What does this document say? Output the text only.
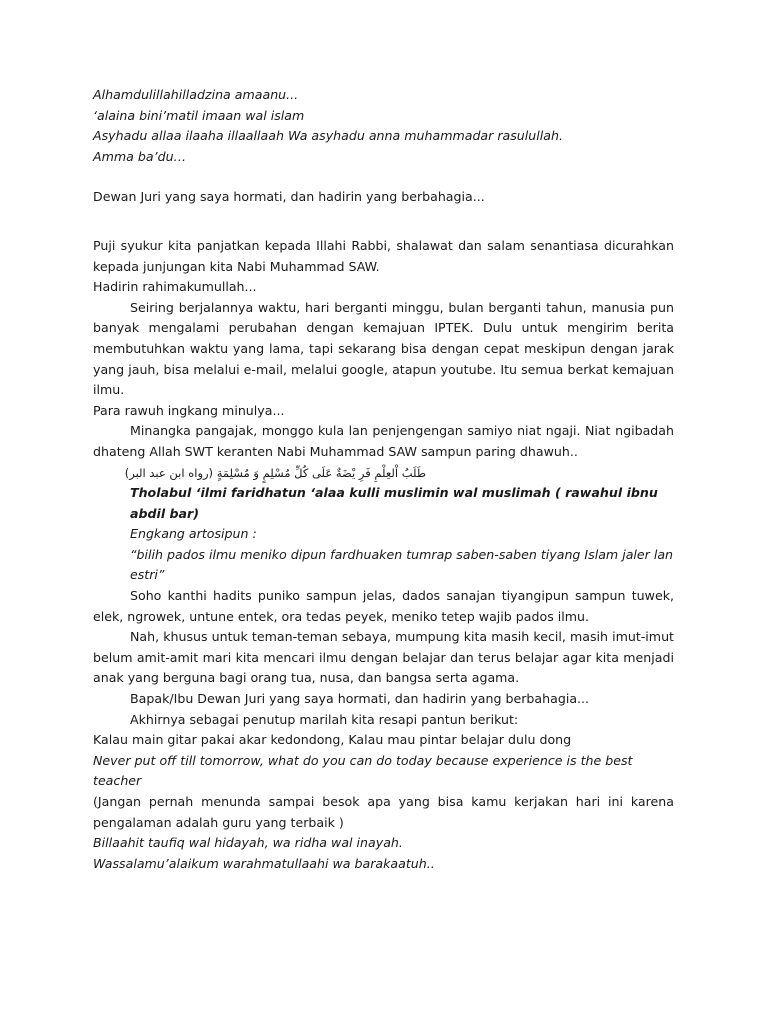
Alhamdulillahilladzina amaanu...

‘alaina bini’matil imaan wal islam

Asyhadu allaa ilaaha illaallaah Wa asyhadu anna muhammadar rasulullah.

Amma ba’du…

Dewan Juri yang saya hormati, dan hadirin yang berbahagia...

Puji syukur kita panjatkan kepada Illahi Rabbi, shalawat dan salam senantiasa dicurahkan kepada junjungan kita Nabi Muhammad SAW.

Hadirin rahimakumullah...

Seiring berjalannya waktu, hari berganti minggu, bulan berganti tahun, manusia pun banyak mengalami perubahan dengan kemajuan IPTEK. Dulu untuk mengirim berita membutuhkan waktu yang lama, tapi sekarang bisa dengan cepat meskipun dengan jarak yang jauh, bisa melalui e-mail, melalui google, atapun youtube. Itu semua berkat kemajuan ilmu.

Para rawuh ingkang minulya...

Minangka pangajak, monggo kula lan penjengengan samiyo niat ngaji. Niat ngibadah dhateng Allah SWT keranten Nabi Muhammad SAW sampun paring dhawuh..

طَلَبُ اْلعِلْمِ فَرِ يْضَةٌ عَلَى كُلِّ مُسْلِمٍ وَ مُسْلِمَةٍ (رواه ابن عبد البر)

Tholabul ‘ilmi faridhatun ‘alaa kulli muslimin wal muslimah ( rawahul ibnu abdil bar)

Engkang artosipun :

“bilih pados ilmu meniko dipun fardhuaken tumrap saben-saben tiyang Islam jaler lan estri”

Soho kanthi hadits puniko sampun jelas, dados sanajan tiyangipun sampun tuwek, elek, ngrowek, untune entek, ora tedas peyek, meniko tetep wajib pados ilmu.

Nah, khusus untuk teman-teman sebaya, mumpung kita masih kecil, masih imut-imut belum amit-amit mari kita mencari ilmu dengan belajar dan terus belajar agar kita menjadi anak yang berguna bagi orang tua, nusa, dan bangsa serta agama.

Bapak/Ibu Dewan Juri yang saya hormati, dan hadirin yang berbahagia...

Akhirnya sebagai penutup marilah kita resapi pantun berikut:

Kalau main gitar pakai akar kedondong, Kalau mau pintar belajar dulu dong

Never put off till tomorrow, what do you can do today because experience is the best teacher

(Jangan pernah menunda sampai besok apa yang bisa kamu kerjakan hari ini karena pengalaman adalah guru yang terbaik )

Billaahit taufiq wal hidayah, wa ridha wal inayah.

Wassalamu’alaikum warahmatullaahi wa barakaatuh..
